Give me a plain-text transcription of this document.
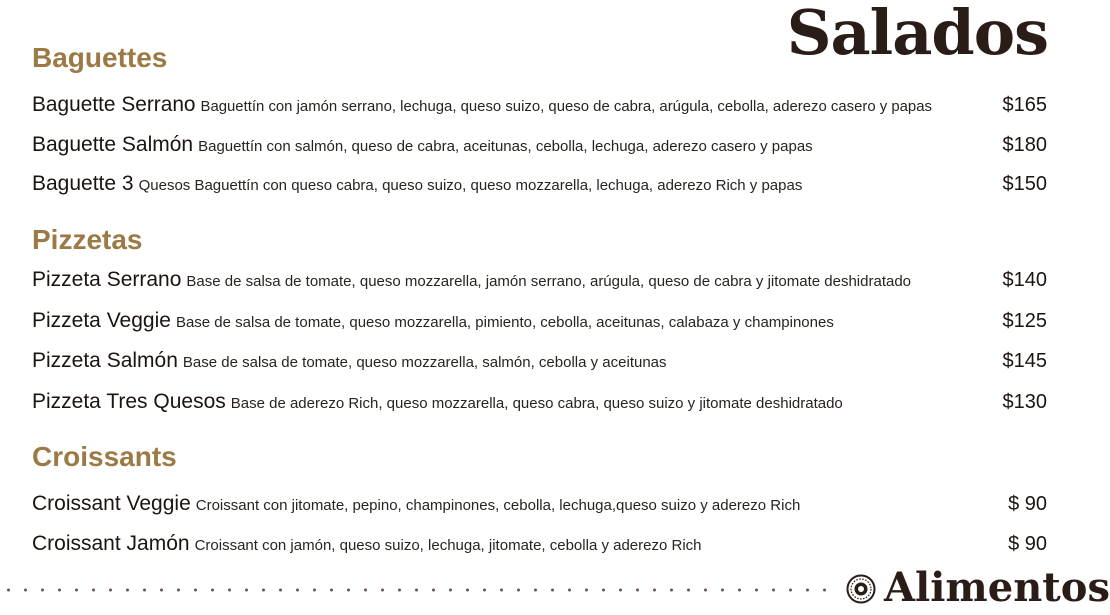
Salados
Baguettes
Baguette Serrano Baguettín con jamón serrano, lechuga, queso suizo, queso de cabra, arúgula, cebolla, aderezo casero y papas	$165
Baguette Salmón Baguettín con salmón, queso de cabra, aceitunas, cebolla, lechuga, aderezo casero y papas	$180
Baguette 3 Quesos Baguettín con queso cabra, queso suizo, queso mozzarella, lechuga, aderezo Rich y papas	$150
Pizzetas
Pizzeta Serrano Base de salsa de tomate, queso mozzarella, jamón serrano, arúgula, queso de cabra y jitomate deshidratado	$140
Pizzeta Veggie Base de salsa de tomate, queso mozzarella, pimiento, cebolla, aceitunas, calabaza y champinones	$125
Pizzeta Salmón Base de salsa de tomate, queso mozzarella, salmón, cebolla y aceitunas	$145
Pizzeta Tres Quesos Base de aderezo Rich, queso mozzarella, queso cabra, queso suizo y jitomate deshidratado	$130
Croissants
Croissant Veggie Croissant con jitomate, pepino, champinones, cebolla, lechuga,queso suizo y aderezo Rich	$ 90
Croissant Jamón Croissant con jamón, queso suizo, lechuga, jitomate, cebolla y aderezo Rich	$ 90
Alimentos
